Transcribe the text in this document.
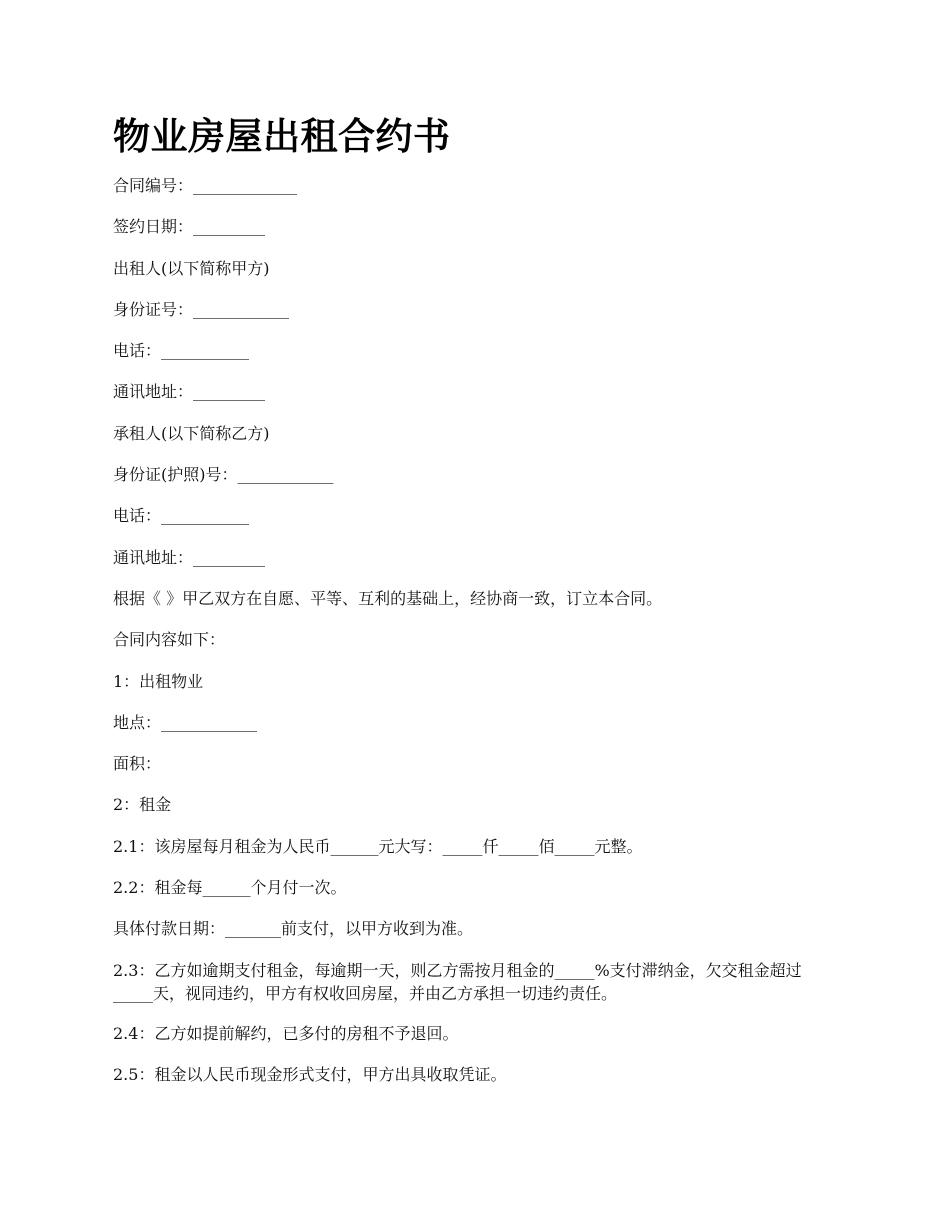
物业房屋出租合约书

合同编号：_____________

签约日期：_________

出租人(以下简称甲方)

身份证号：____________

电话：___________

通讯地址：_________

承租人(以下简称乙方)

身份证(护照)号：____________

电话：___________

通讯地址：_________

根据《 》甲乙双方在自愿、平等、互利的基础上，经协商一致，订立本合同。

合同内容如下：

1：出租物业

地点：____________

面积：

2：租金

2.1：该房屋每月租金为人民币______元大写：_____仟_____佰_____元整。

2.2：租金每______个月付一次。

具体付款日期：_______前支付，以甲方收到为准。

2.3：乙方如逾期支付租金，每逾期一天，则乙方需按月租金的_____%支付滞纳金，欠交租金超过_____天，视同违约，甲方有权收回房屋，并由乙方承担一切违约责任。

2.4：乙方如提前解约，已多付的房租不予退回。

2.5：租金以人民币现金形式支付，甲方出具收取凭证。
